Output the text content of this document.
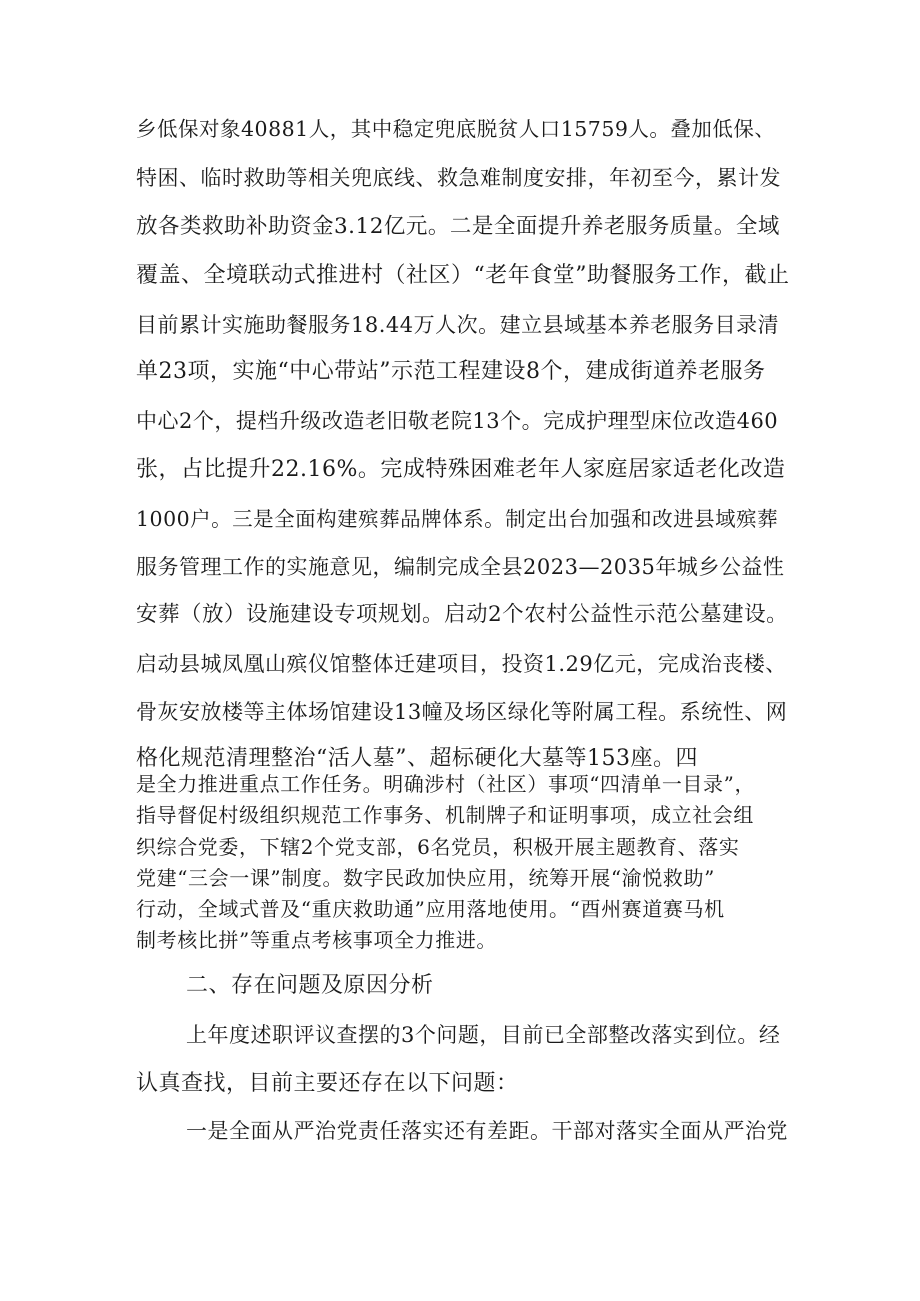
乡低保对象40881人，其中稳定兜底脱贫人口15759人。叠加低保、
特困、临时救助等相关兜底线、救急难制度安排，年初至今，累计发
放各类救助补助资金3.12亿元。二是全面提升养老服务质量。全域
覆盖、全境联动式推进村（社区）“老年食堂”助餐服务工作，截止
目前累计实施助餐服务18.44万人次。建立县域基本养老服务目录清
单23项，实施“中心带站”示范工程建设8个，建成街道养老服务
中心2个，提档升级改造老旧敬老院13个。完成护理型床位改造460
张，占比提升22.16%。完成特殊困难老年人家庭居家适老化改造
1000户。三是全面构建殡葬品牌体系。制定出台加强和改进县域殡葬
服务管理工作的实施意见，编制完成全县2023—2035年城乡公益性
安葬（放）设施建设专项规划。启动2个农村公益性示范公墓建设。
启动县城凤凰山殡仪馆整体迁建项目，投资1.29亿元，完成治丧楼、
骨灰安放楼等主体场馆建设13幢及场区绿化等附属工程。系统性、网
格化规范清理整治“活人墓”、超标硬化大墓等153座。四
是全力推进重点工作任务。明确涉村（社区）事项“四清单一目录”，
指导督促村级组织规范工作事务、机制牌子和证明事项，成立社会组
织综合党委，下辖2个党支部，6名党员，积极开展主题教育、落实
党建“三会一课”制度。数字民政加快应用，统筹开展“渝悦救助”
行动，全域式普及“重庆救助通”应用落地使用。“酉州赛道赛马机
制考核比拼”等重点考核事项全力推进。
二、存在问题及原因分析
上年度述职评议查摆的3个问题，目前已全部整改落实到位。经
认真查找，目前主要还存在以下问题：
一是全面从严治党责任落实还有差距。干部对落实全面从严治党
